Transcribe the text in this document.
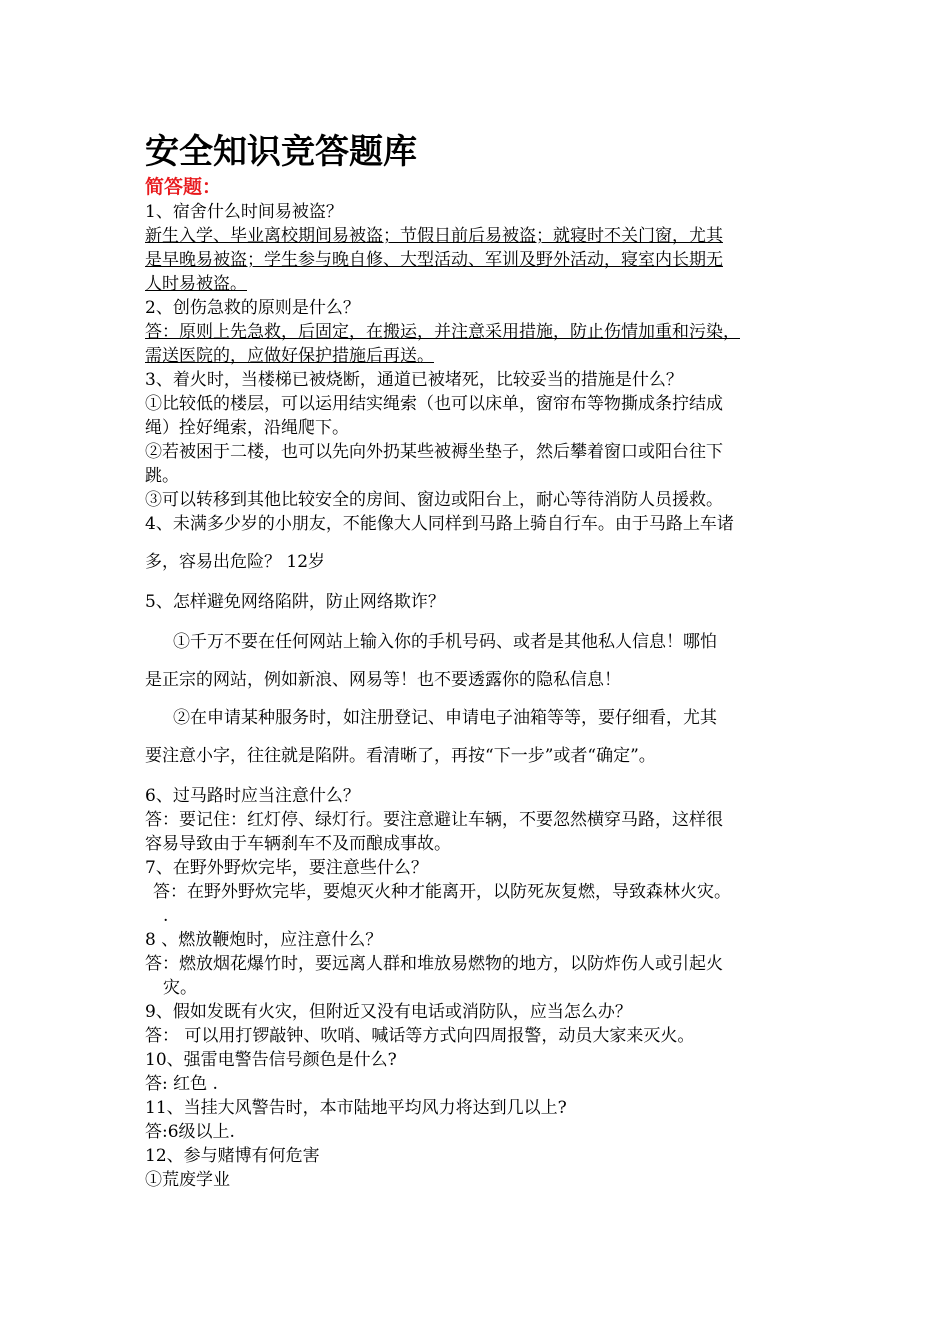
安全知识竞答题库
简答题：
1、宿舍什么时间易被盗？
新生入学、毕业离校期间易被盗；节假日前后易被盗；就寝时不关门窗，尤其
是早晚易被盗；学生参与晚自修、大型活动、军训及野外活动，寝室内长期无
人时易被盗。
2、创伤急救的原则是什么？
答：原则上先急救，后固定，在搬运，并注意采用措施，防止伤情加重和污染，
需送医院的，应做好保护措施后再送。
3、着火时，当楼梯已被烧断，通道已被堵死，比较妥当的措施是什么？
①比较低的楼层，可以运用结实绳索（也可以床单，窗帘布等物撕成条拧结成
绳）拴好绳索，沿绳爬下。
②若被困于二楼，也可以先向外扔某些被褥坐垫子，然后攀着窗口或阳台往下
跳。
③可以转移到其他比较安全的房间、窗边或阳台上，耐心等待消防人员援救。
4、未满多少岁的小朋友，不能像大人同样到马路上骑自行车。由于马路上车诸
多，容易出危险？ 12岁
5、怎样避免网络陷阱，防止网络欺诈？
①千万不要在任何网站上输入你的手机号码、或者是其他私人信息！哪怕
是正宗的网站，例如新浪、网易等！也不要透露你的隐私信息！
②在申请某种服务时，如注册登记、申请电子油箱等等，要仔细看，尤其
要注意小字，往往就是陷阱。看清晰了，再按“下一步”或者“确定”。
6、过马路时应当注意什么？
答：要记住：红灯停、绿灯行。要注意避让车辆，不要忽然横穿马路，这样很
容易导致由于车辆刹车不及而酿成事故。
7、在野外野炊完毕，要注意些什么？
答：在野外野炊完毕，要熄灭火种才能离开，以防死灰复燃，导致森林火灾。
.
8 、燃放鞭炮时，应注意什么？
答：燃放烟花爆竹时，要远离人群和堆放易燃物的地方，以防炸伤人或引起火
灾。
9、假如发既有火灾，但附近又没有电话或消防队，应当怎么办？
答： 可以用打锣敲钟、吹哨、喊话等方式向四周报警，动员大家来灭火。
10、强雷电警告信号颜色是什么?
答: 红色 .
11、当挂大风警告时，本市陆地平均风力将达到几以上?
答:6级以上.
12、参与赌博有何危害
①荒废学业
